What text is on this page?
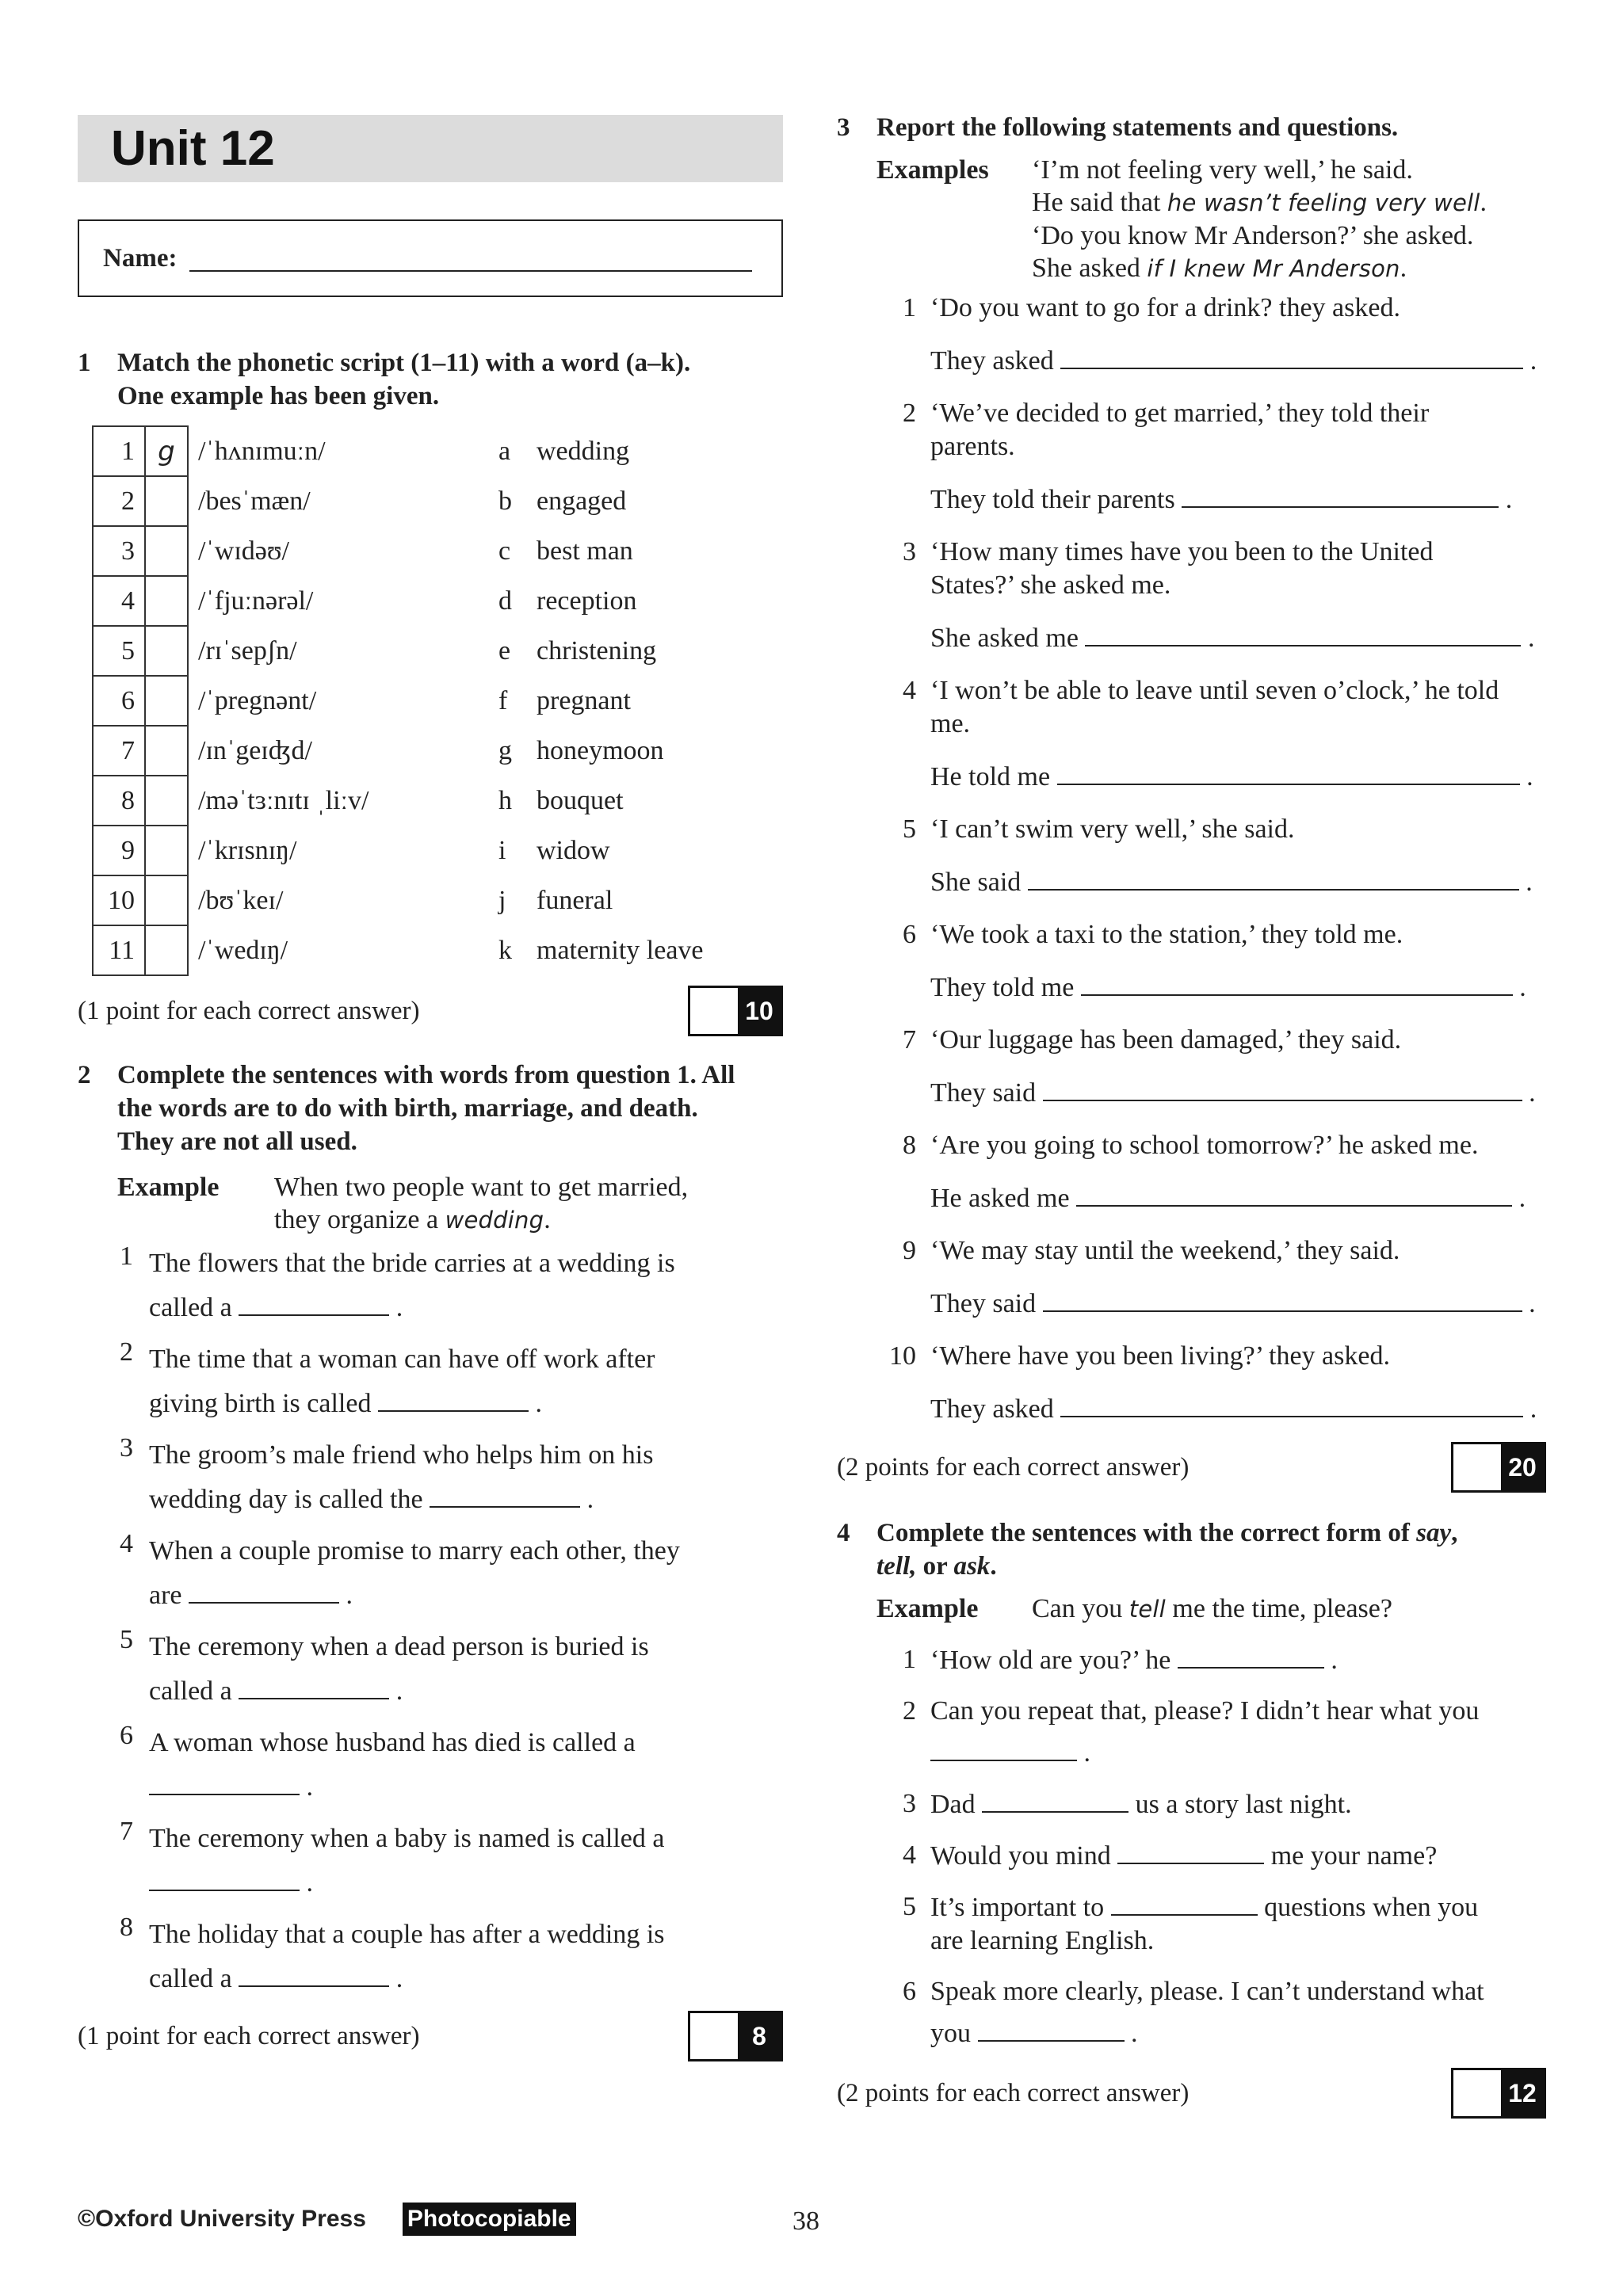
Unit 12
Name:
1	Match the phonetic script (1–11) with a word (a–k).
One example has been given.
1	g	/ˈhʌnɪmuːn/	a	wedding
2		/besˈmæn/	b	engaged
3		/ˈwɪdəʊ/	c	best man
4		/ˈfjuːnərəl/	d	reception
5		/rɪˈsepʃn/	e	christening
6		/ˈpregnənt/	f	pregnant
7		/ɪnˈgeɪʤd/	g	honeymoon
8		/məˈtɜːnɪtɪ ˌliːv/	h	bouquet
9		/ˈkrɪsnɪŋ/	i	widow
10		/bʊˈkeɪ/	j	funeral
11		/ˈwedɪŋ/	k	maternity leave
(1 point for each correct answer)	10
2	Complete the sentences with words from question 1. All
the words are to do with birth, marriage, and death.
They are not all used.
Example	When two people want to get married,
they organize a wedding.
1 The flowers that the bride carries at a wedding is
called a	.
2 The time that a woman can have off work after
giving birth is called	.
3 The groom’s male friend who helps him on his
wedding day is called the	.
4 When a couple promise to marry each other, they
are	.
5 The ceremony when a dead person is buried is
called a	.
6 A woman whose husband has died is called a
.
7 The ceremony when a baby is named is called a
.
8 The holiday that a couple has after a wedding is
called a	.
(1 point for each correct answer)	8
3	Report the following statements and questions.
Examples	‘I’m not feeling very well,’ he said.
He said that he wasn’t feeling very well.
‘Do you know Mr Anderson?’ she asked.
She asked if I knew Mr Anderson.
1 ‘Do you want to go for a drink? they asked.
They asked	.
2 ‘We’ve decided to get married,’ they told their
parents.
They told their parents	.
3 ‘How many times have you been to the United
States?’ she asked me.
She asked me	.
4 ‘I won’t be able to leave until seven o’clock,’ he told
me.
He told me	.
5 ‘I can’t swim very well,’ she said.
She said	.
6 ‘We took a taxi to the station,’ they told me.
They told me	.
7 ‘Our luggage has been damaged,’ they said.
They said	.
8 ‘Are you going to school tomorrow?’ he asked me.
He asked me	.
9 ‘We may stay until the weekend,’ they said.
They said	.
10 ‘Where have you been living?’ they asked.
They asked	.
(2 points for each correct answer)	20
4	Complete the sentences with the correct form of say,
tell, or ask.
Example	Can you tell me the time, please?
1 ‘How old are you?’ he	.
2 Can you repeat that, please? I didn’t hear what you
.
3 Dad	us a story last night.
4 Would you mind	me your name?
5 It’s important to	questions when you
are learning English.
6 Speak more clearly, please. I can’t understand what
you	.
(2 points for each correct answer)	12
©Oxford University Press Photocopiable	38
